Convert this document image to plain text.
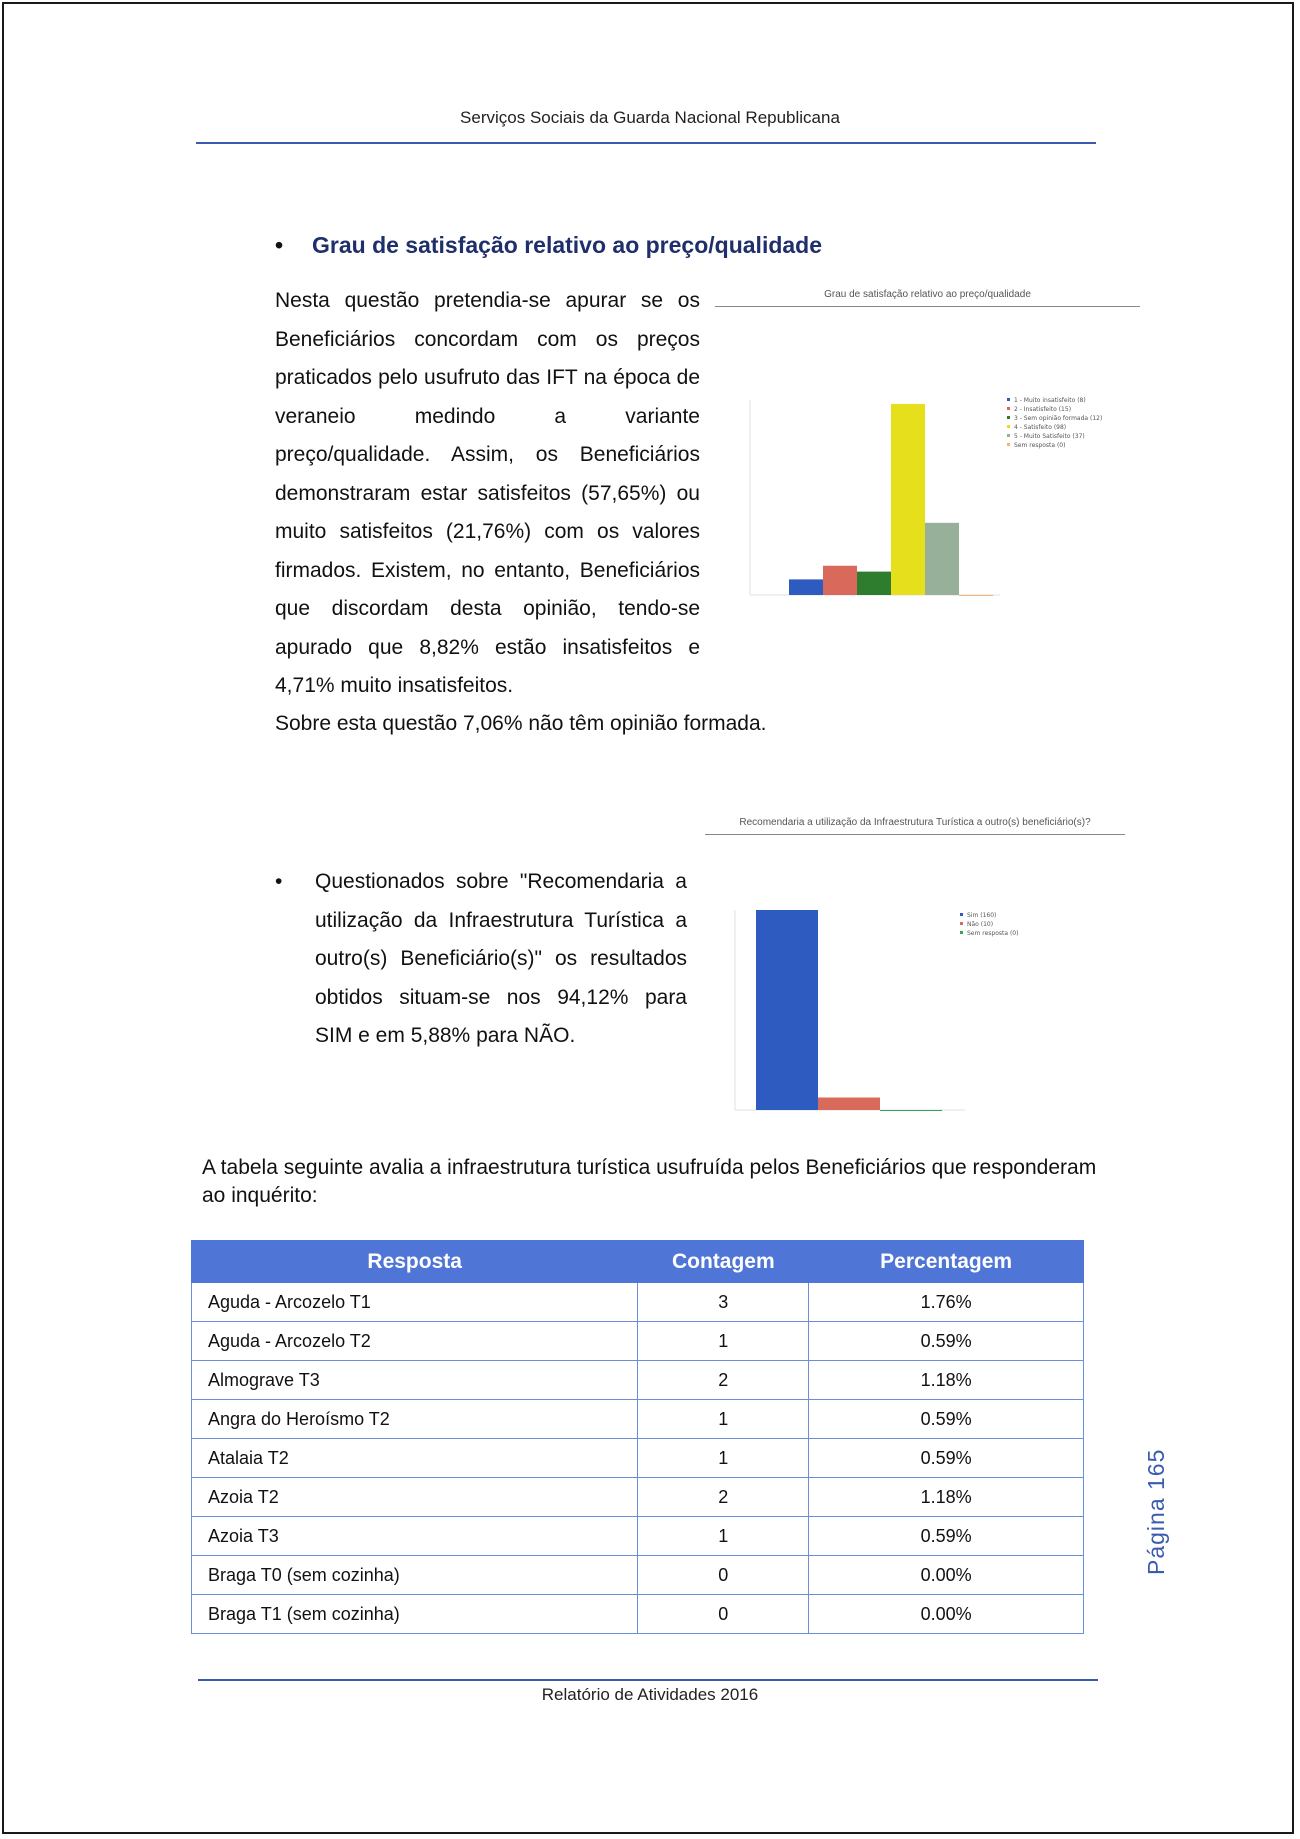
Serviços Sociais da Guarda Nacional Republicana
• Grau de satisfação relativo ao preço/qualidade
Nesta questão pretendia-se apurar se os Beneficiários concordam com os preços praticados pelo usufruto das IFT na época de veraneio medindo a variante preço/qualidade. Assim, os Beneficiários demonstraram estar satisfeitos (57,65%) ou muito satisfeitos (21,76%) com os valores firmados. Existem, no entanto, Beneficiários que discordam desta opinião, tendo-se apurado que 8,82% estão insatisfeitos e 4,71% muito insatisfeitos.
Sobre esta questão 7,06% não têm opinião formada.
Grau de satisfação relativo ao preço/qualidade
1 - Muito insatisfeito (8)
2 - Insatisfeito (15)
3 - Sem opinião formada (12)
4 - Satisfeito (98)
5 - Muito Satisfeito (37)
Sem resposta (0)
Recomendaria a utilização da Infraestrutura Turística a outro(s) beneficiário(s)?
Sim (160)
Não (10)
Sem resposta (0)
• Questionados sobre "Recomendaria a utilização da Infraestrutura Turística a outro(s) Beneficiário(s)" os resultados obtidos situam-se nos 94,12% para SIM e em 5,88% para NÃO.
A tabela seguinte avalia a infraestrutura turística usufruída pelos Beneficiários que responderam ao inquérito:
Resposta	Contagem	Percentagem
Aguda - Arcozelo T1	3	1.76%
Aguda - Arcozelo T2	1	0.59%
Almograve T3	2	1.18%
Angra do Heroísmo T2	1	0.59%
Atalaia T2	1	0.59%
Azoia T2	2	1.18%
Azoia T3	1	0.59%
Braga T0 (sem cozinha)	0	0.00%
Braga T1 (sem cozinha)	0	0.00%
Página 165
Relatório de Atividades 2016
